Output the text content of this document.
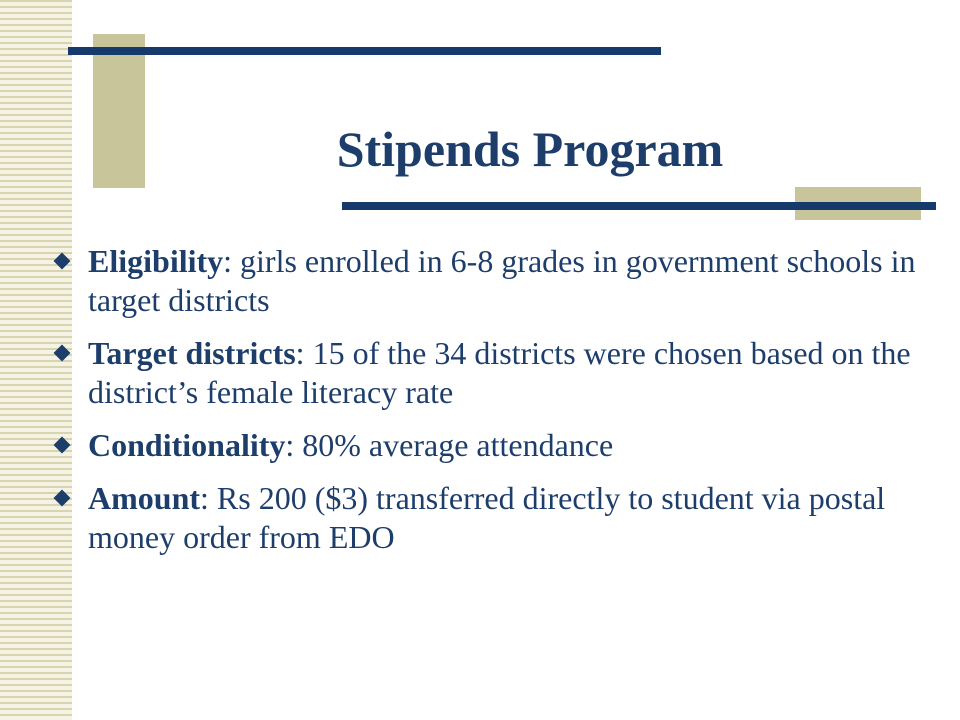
Stipends Program
Eligibility: girls enrolled in 6-8 grades in government schools in target districts
Target districts: 15 of the 34 districts were chosen based on the district’s female literacy rate
Conditionality: 80% average attendance
Amount: Rs 200 ($3) transferred directly to student via postal money order from EDO
